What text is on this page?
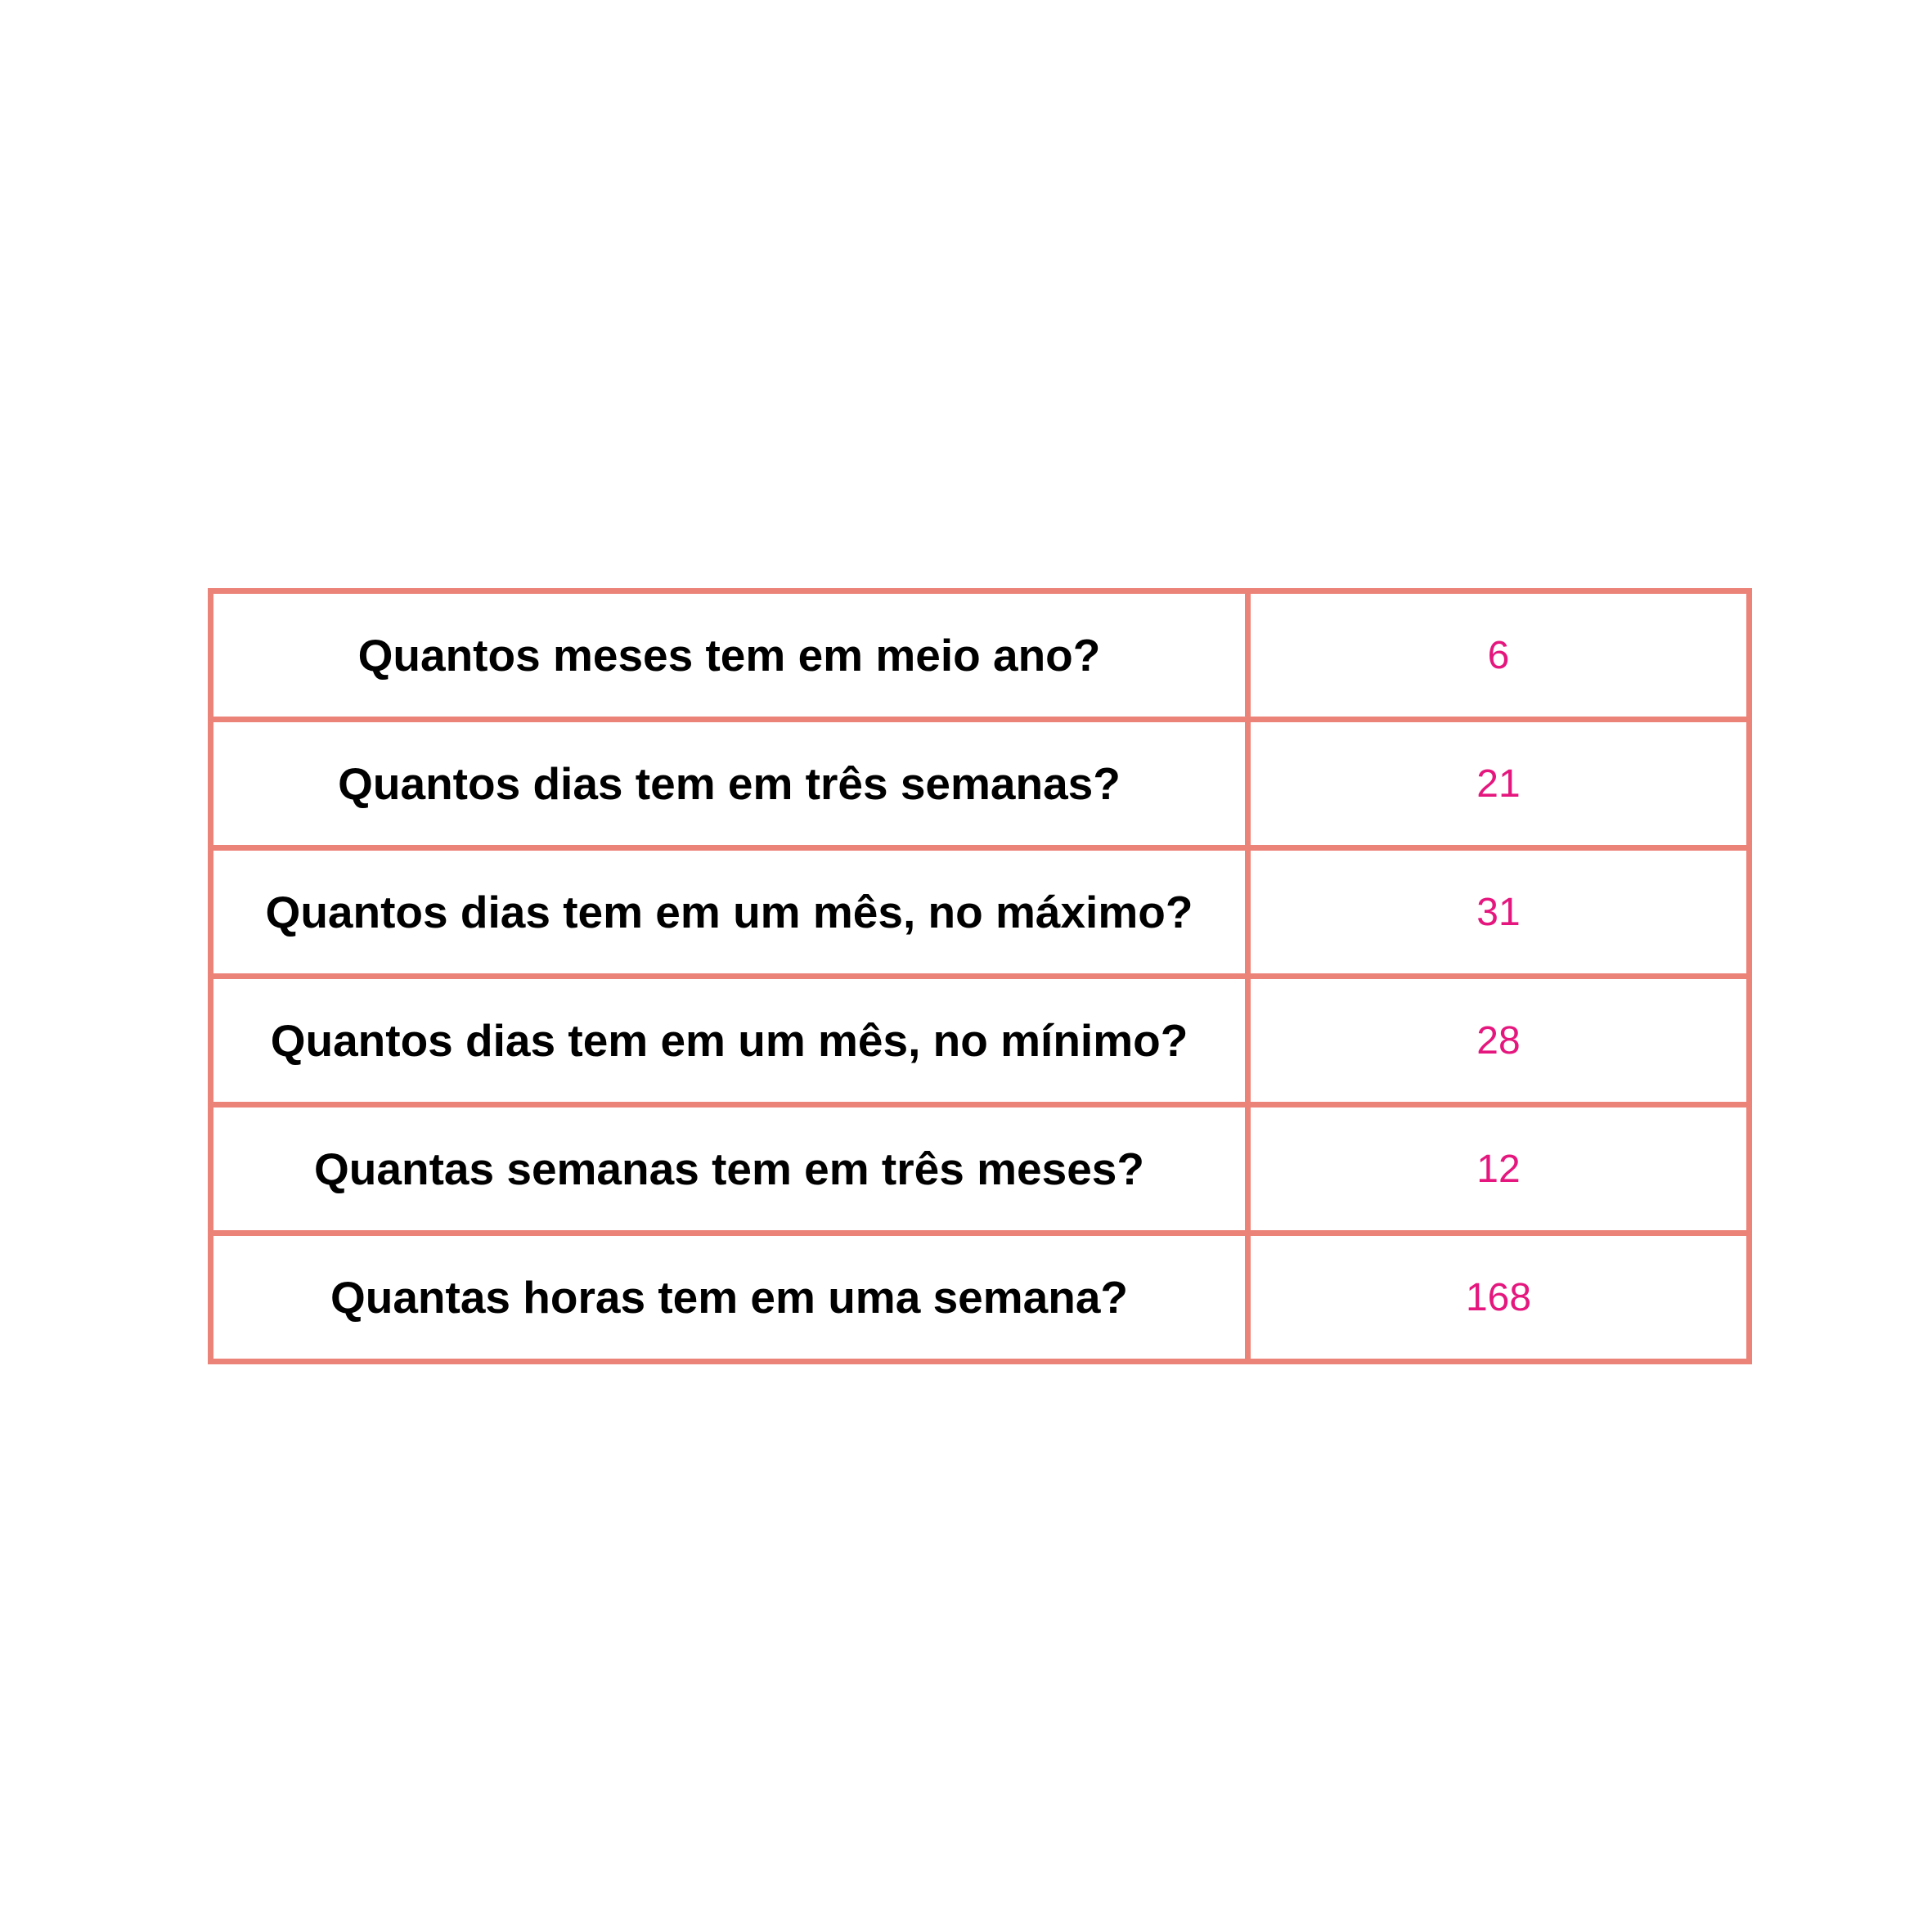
Quantos meses tem em meio ano?	6
Quantos dias tem em três semanas?	21
Quantos dias tem em um mês, no máximo?	31
Quantos dias tem em um mês, no mínimo?	28
Quantas semanas tem em três meses?	12
Quantas horas tem em uma semana?	168
